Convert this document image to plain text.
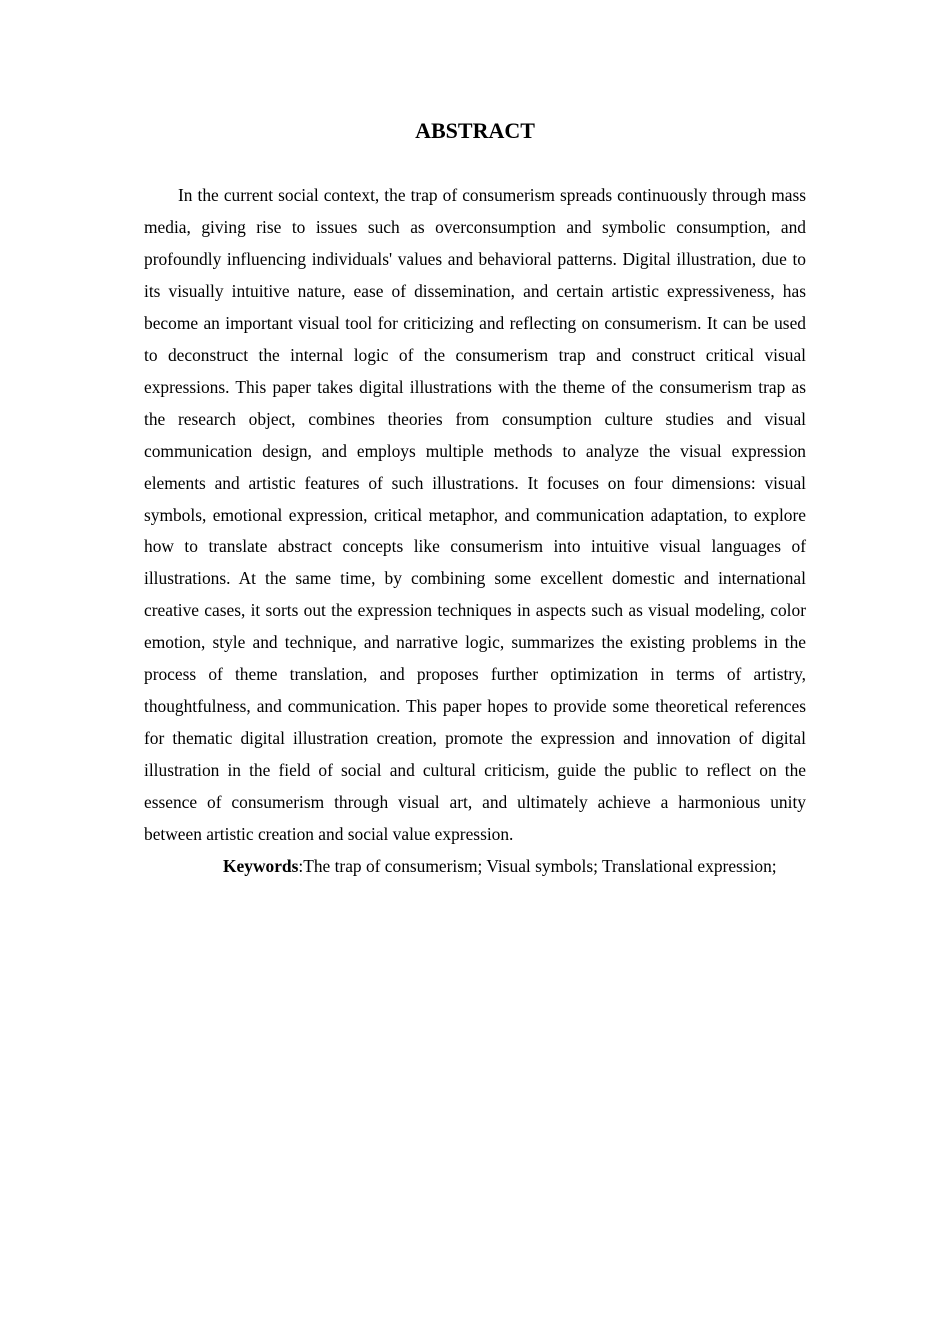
ABSTRACT

In the current social context, the trap of consumerism spreads continuously through mass media, giving rise to issues such as overconsumption and symbolic consumption, and profoundly influencing individuals' values and behavioral patterns. Digital illustration, due to its visually intuitive nature, ease of dissemination, and certain artistic expressiveness, has become an important visual tool for criticizing and reflecting on consumerism. It can be used to deconstruct the internal logic of the consumerism trap and construct critical visual expressions. This paper takes digital illustrations with the theme of the consumerism trap as the research object, combines theories from consumption culture studies and visual communication design, and employs multiple methods to analyze the visual expression elements and artistic features of such illustrations. It focuses on four dimensions: visual symbols, emotional expression, critical metaphor, and communication adaptation, to explore how to translate abstract concepts like consumerism into intuitive visual languages of illustrations. At the same time, by combining some excellent domestic and international creative cases, it sorts out the expression techniques in aspects such as visual modeling, color emotion, style and technique, and narrative logic, summarizes the existing problems in the process of theme translation, and proposes further optimization in terms of artistry, thoughtfulness, and communication. This paper hopes to provide some theoretical references for thematic digital illustration creation, promote the expression and innovation of digital illustration in the field of social and cultural criticism, guide the public to reflect on the essence of consumerism through visual art, and ultimately achieve a harmonious unity between artistic creation and social value expression.

Keywords:The trap of consumerism; Visual symbols; Translational expression;
